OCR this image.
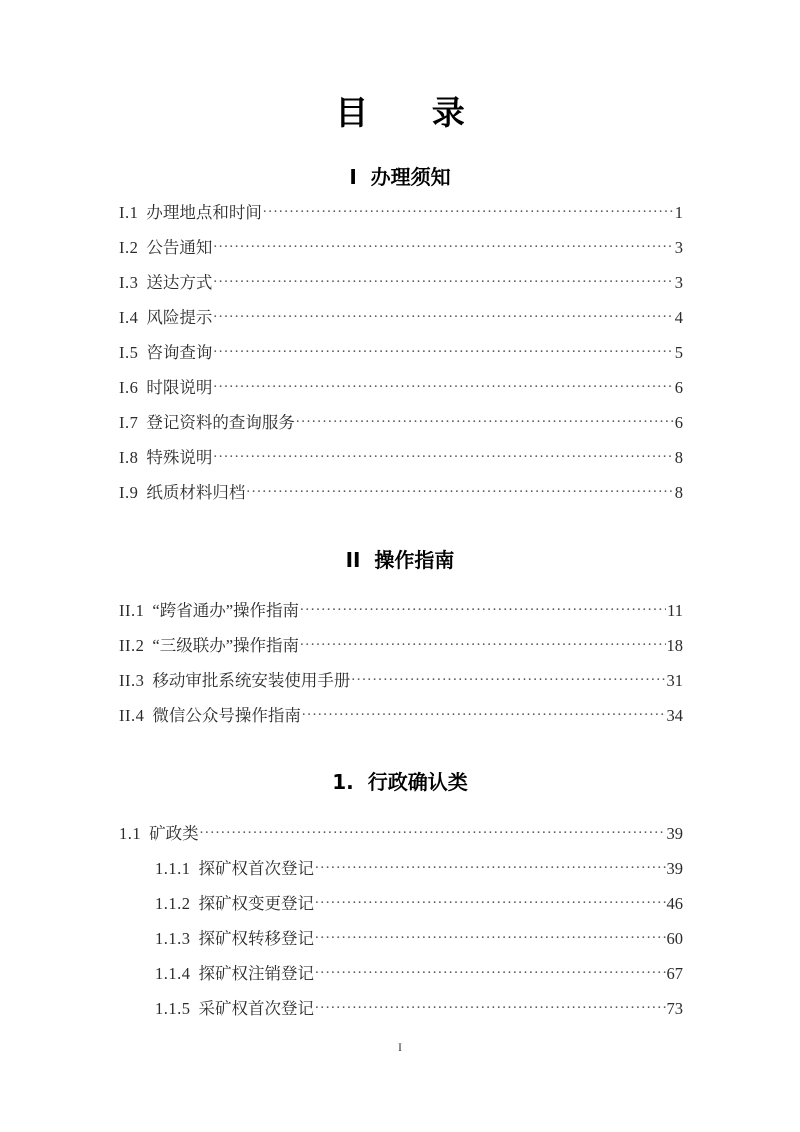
目 录
I  办理须知
II  操作指南
1.  行政确认类
I.1 办理地点和时间 .....	1
I.2 公告通知 .....	3
I.3 送达方式 .....	3
I.4 风险提示 .....	4
I.5 咨询查询 .....	5
I.6 时限说明 .....	6
I.7 登记资料的查询服务 .....	6
I.8 特殊说明 .....	8
I.9 纸质材料归档 .....	8
II.1 “跨省通办”操作指南 .....	11
II.2 “三级联办”操作指南 .....	18
II.3 移动审批系统安装使用手册 .....	31
II.4 微信公众号操作指南 .....	34
1.1 矿政类 .....	39
1.1.1 探矿权首次登记 .....	39
1.1.2 探矿权变更登记 .....	46
1.1.3 探矿权转移登记 .....	60
1.1.4 探矿权注销登记 .....	67
1.1.5 采矿权首次登记 .....	73
I
